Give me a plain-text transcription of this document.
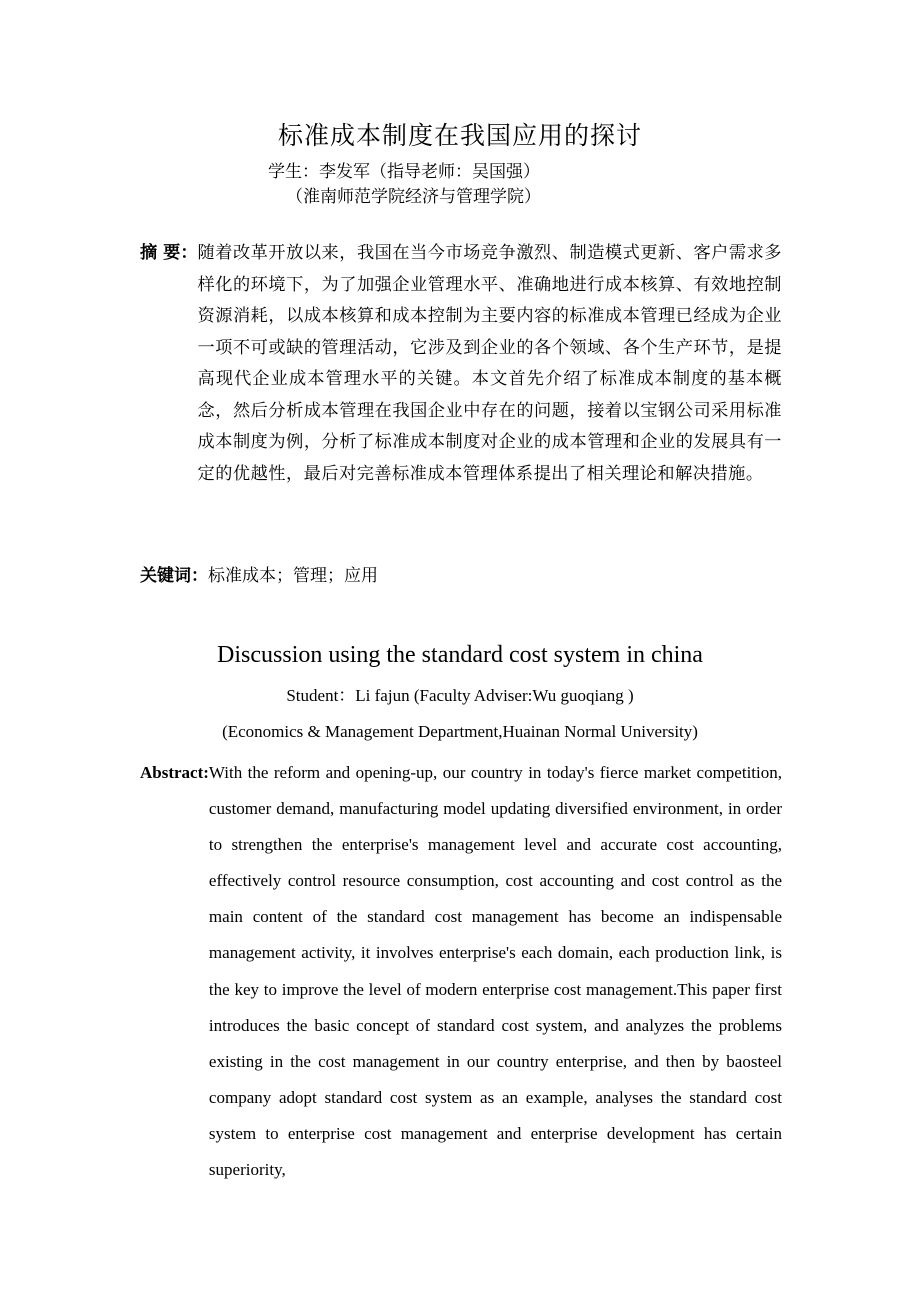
标准成本制度在我国应用的探讨
学生：李发军（指导老师：吴国强）
（淮南师范学院经济与管理学院）
摘 要： 随着改革开放以来，我国在当今市场竞争激烈、制造模式更新、客户需求多样化的环境下，为了加强企业管理水平、准确地进行成本核算、有效地控制资源消耗，以成本核算和成本控制为主要内容的标准成本管理已经成为企业一项不可或缺的管理活动，它涉及到企业的各个领域、各个生产环节，是提高现代企业成本管理水平的关键。本文首先介绍了标准成本制度的基本概念，然后分析成本管理在我国企业中存在的问题，接着以宝钢公司采用标准成本制度为例，分析了标准成本制度对企业的成本管理和企业的发展具有一定的优越性，最后对完善标准成本管理体系提出了相关理论和解决措施。
关键词：标准成本；管理；应用
Discussion using the standard cost system in china
Student：Li fajun (Faculty Adviser:Wu guoqiang )
(Economics & Management Department,Huainan Normal University)
Abstract: With the reform and opening-up, our country in today's fierce market competition, customer demand, manufacturing model updating diversified environment, in order to strengthen the enterprise's management level and accurate cost accounting, effectively control resource consumption, cost accounting and cost control as the main content of the standard cost management has become an indispensable management activity, it involves enterprise's each domain, each production link, is the key to improve the level of modern enterprise cost management.This paper first introduces the basic concept of standard cost system, and analyzes the problems existing in the cost management in our country enterprise, and then by baosteel company adopt standard cost system as an example, analyses the standard cost system to enterprise cost management and enterprise development has certain superiority,
